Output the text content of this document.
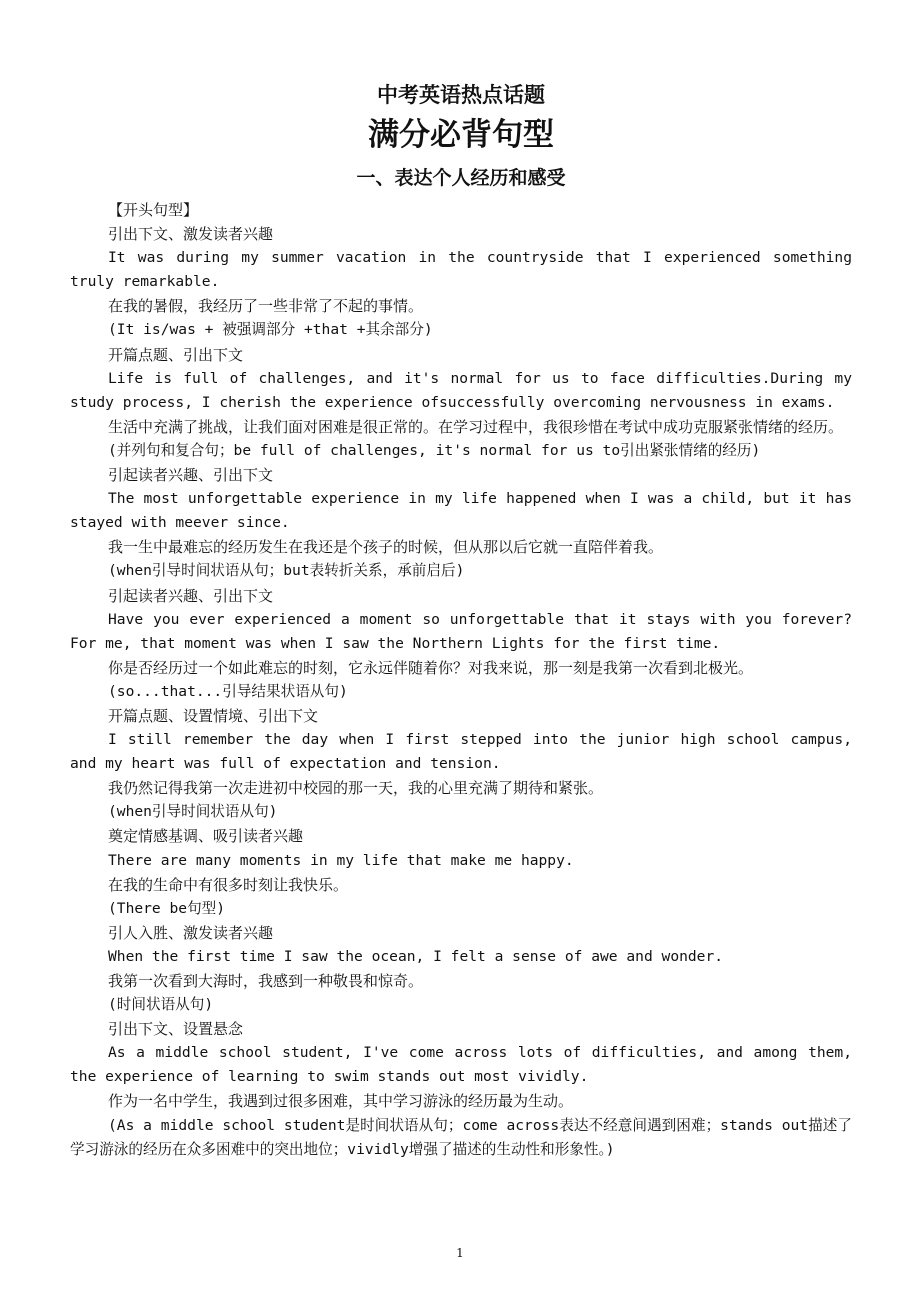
中考英语热点话题

满分必背句型

一、表达个人经历和感受

【开头句型】

引出下文、激发读者兴趣

It was during my summer vacation in the countryside that I experienced something truly remarkable.

在我的暑假，我经历了一些非常了不起的事情。

(It is/was + 被强调部分 +that +其余部分)

开篇点题、引出下文

Life is full of challenges, and it's normal for us to face difficulties.During my study process, I cherish the experience ofsuccessfully overcoming nervousness in exams.

生活中充满了挑战，让我们面对困难是很正常的。在学习过程中，我很珍惜在考试中成功克服紧张情绪的经历。

(并列句和复合句；be full of challenges, it's normal for us to引出紧张情绪的经历)

引起读者兴趣、引出下文

The most unforgettable experience in my life happened when I was a child, but it has stayed with meever since.

我一生中最难忘的经历发生在我还是个孩子的时候，但从那以后它就一直陪伴着我。

(when引导时间状语从句；but表转折关系，承前启后)

引起读者兴趣、引出下文

Have you ever experienced a moment so unforgettable that it stays with you forever? For me, that moment was when I saw the Northern Lights for the first time.

你是否经历过一个如此难忘的时刻，它永远伴随着你？对我来说，那一刻是我第一次看到北极光。

(so...that...引导结果状语从句)

开篇点题、设置情境、引出下文

I still remember the day when I first stepped into the junior high school campus, and my heart was full of expectation and tension.

我仍然记得我第一次走进初中校园的那一天，我的心里充满了期待和紧张。

(when引导时间状语从句)

奠定情感基调、吸引读者兴趣

There are many moments in my life that make me happy.

在我的生命中有很多时刻让我快乐。

(There be句型)

引人入胜、激发读者兴趣

When the first time I saw the ocean, I felt a sense of awe and wonder.

我第一次看到大海时，我感到一种敬畏和惊奇。

(时间状语从句)

引出下文、设置悬念

As a middle school student, I've come across lots of difficulties, and among them, the experience of learning to swim stands out most vividly.

作为一名中学生，我遇到过很多困难，其中学习游泳的经历最为生动。

(As a middle school student是时间状语从句；come across表达不经意间遇到困难；stands out描述了学习游泳的经历在众多困难中的突出地位；vividly增强了描述的生动性和形象性。)

1
